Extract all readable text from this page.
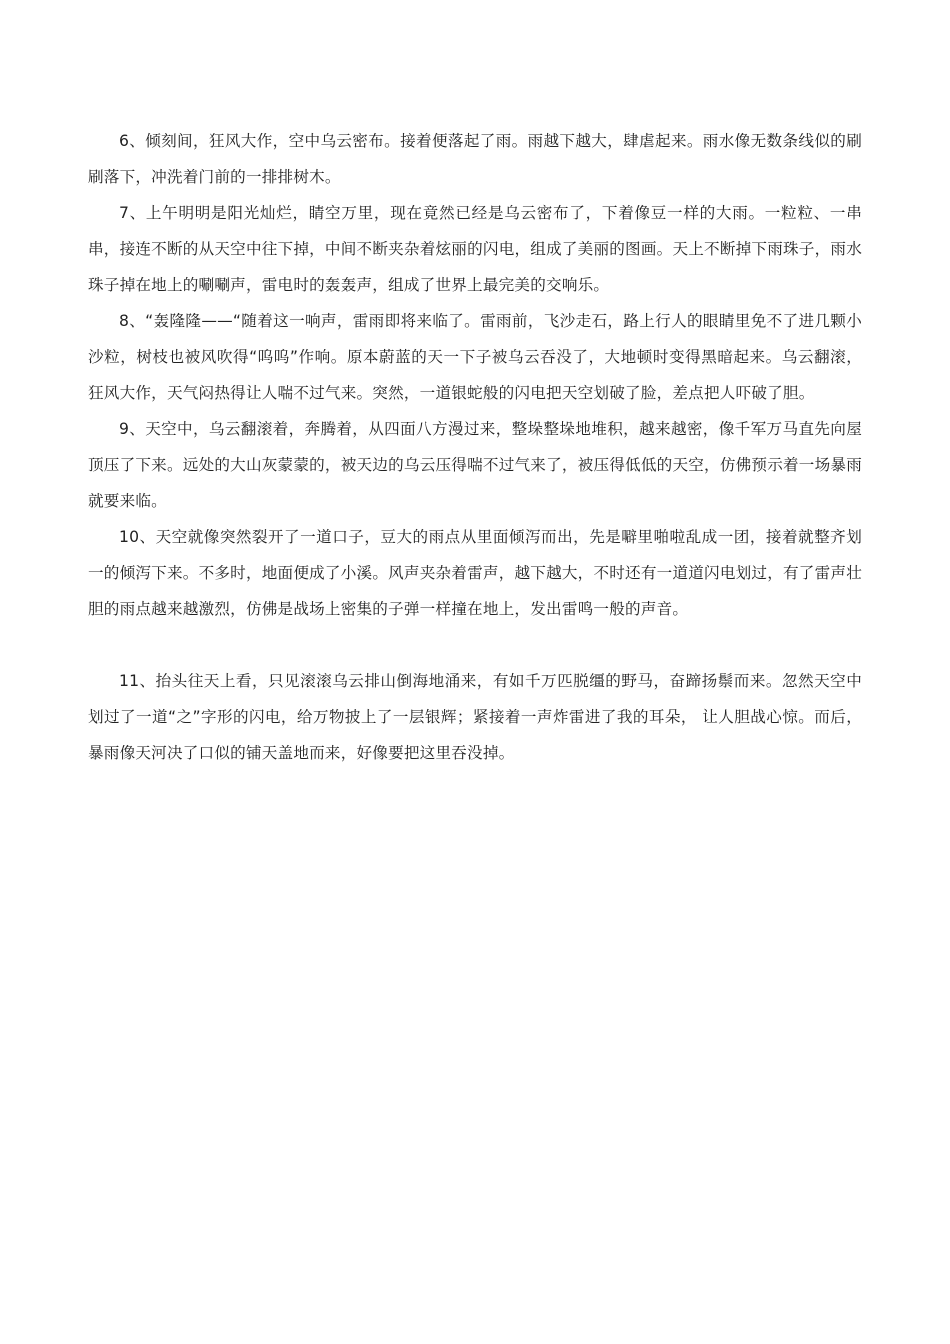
6、倾刻间，狂风大作，空中乌云密布。接着便落起了雨。雨越下越大，肆虐起来。雨水像无数条线似的刷刷落下，冲洗着门前的一排排树木。

7、上午明明是阳光灿烂，睛空万里，现在竟然已经是乌云密布了，下着像豆一样的大雨。一粒粒、一串串，接连不断的从天空中往下掉，中间不断夹杂着炫丽的闪电，组成了美丽的图画。天上不断掉下雨珠子，雨水珠子掉在地上的唰唰声，雷电时的轰轰声，组成了世界上最完美的交响乐。

8、“轰隆隆——“随着这一响声，雷雨即将来临了。雷雨前，飞沙走石，路上行人的眼睛里免不了进几颗小沙粒，树枝也被风吹得“呜呜”作响。原本蔚蓝的天一下子被乌云吞没了，大地顿时变得黑暗起来。乌云翻滚，狂风大作，天气闷热得让人喘不过气来。突然，一道银蛇般的闪电把天空划破了脸，差点把人吓破了胆。

9、天空中，乌云翻滚着，奔腾着，从四面八方漫过来，整垛整垛地堆积，越来越密，像千军万马直先向屋顶压了下来。远处的大山灰蒙蒙的，被天边的乌云压得喘不过气来了，被压得低低的天空，仿佛预示着一场暴雨就要来临。

10、天空就像突然裂开了一道口子，豆大的雨点从里面倾泻而出，先是噼里啪啦乱成一团，接着就整齐划一的倾泻下来。不多时，地面便成了小溪。风声夹杂着雷声，越下越大，不时还有一道道闪电划过，有了雷声壮胆的雨点越来越激烈，仿佛是战场上密集的子弹一样撞在地上，发出雷鸣一般的声音。

11、抬头往天上看，只见滚滚乌云排山倒海地涌来，有如千万匹脱缰的野马，奋蹄扬鬃而来。忽然天空中划过了一道“之”字形的闪电，给万物披上了一层银辉；紧接着一声炸雷进了我的耳朵， 让人胆战心惊。而后，暴雨像天河决了口似的铺天盖地而来，好像要把这里吞没掉。
